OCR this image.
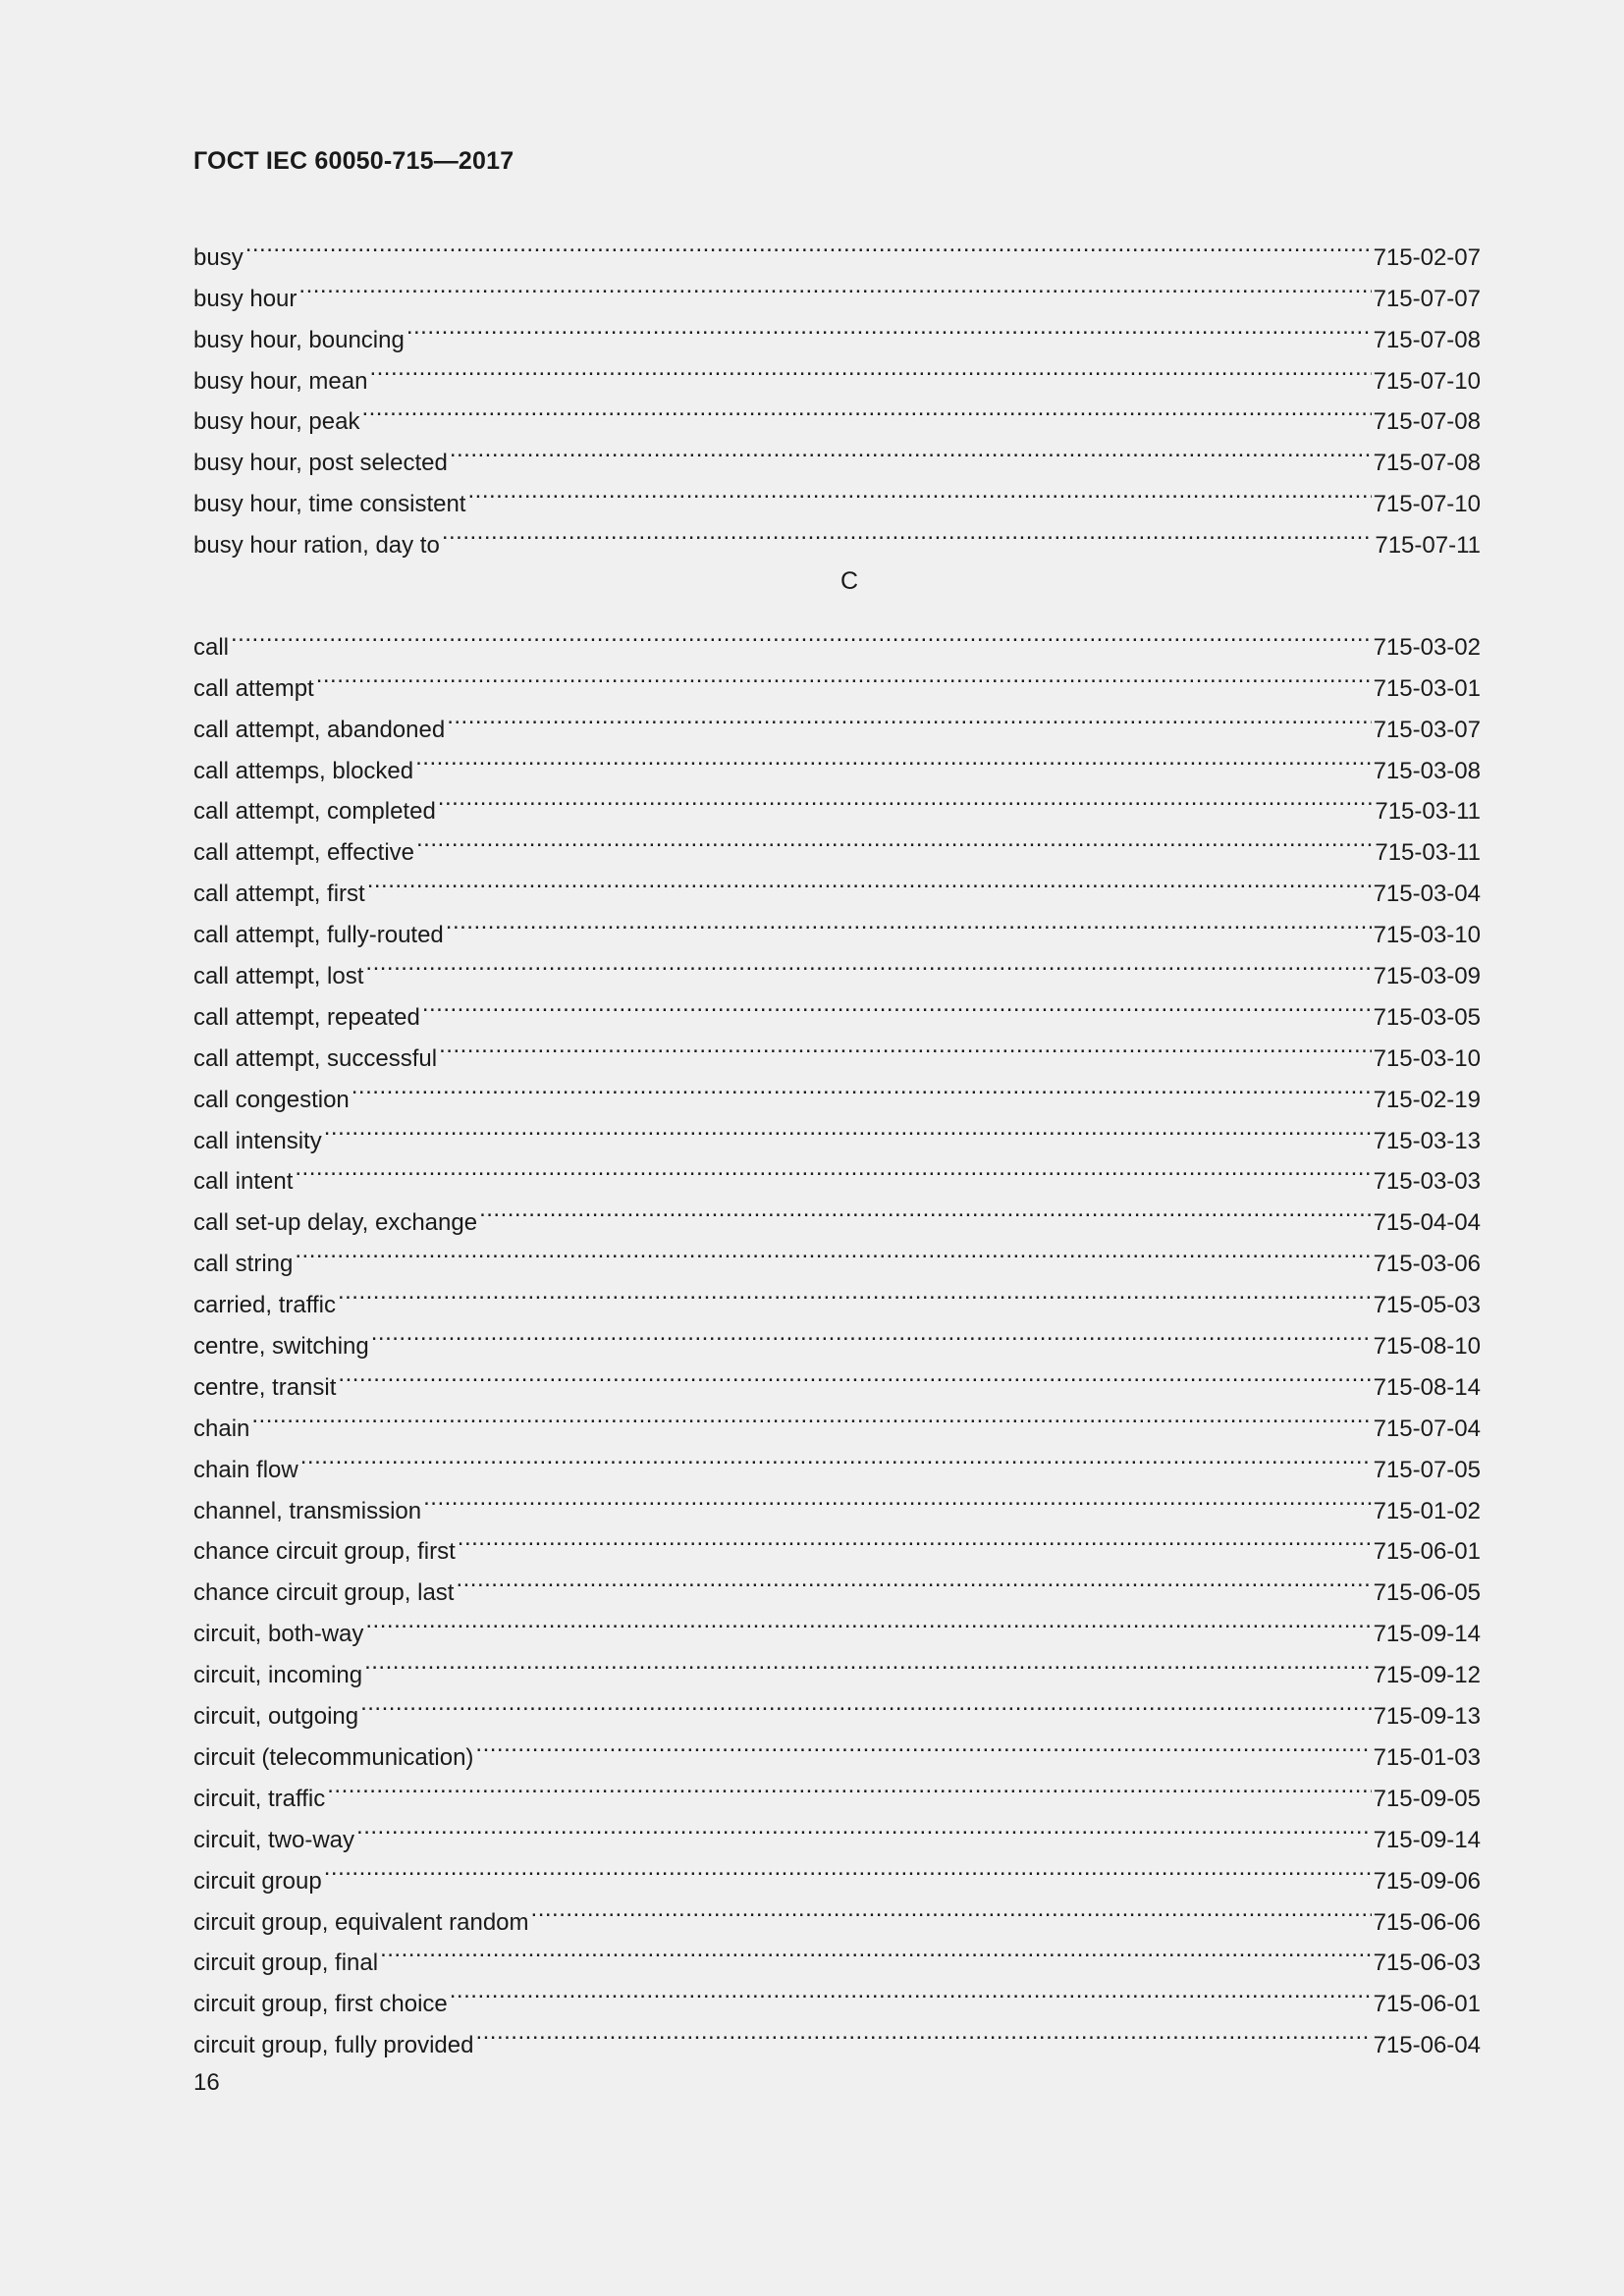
ГОСТ IEC 60050-715—2017
busy .....	715-02-07
busy hour .....	715-07-07
busy hour, bouncing .....	715-07-08
busy hour, mean .....	715-07-10
busy hour, peak .....	715-07-08
busy hour, post selected .....	715-07-08
busy hour, time consistent .....	715-07-10
busy hour ration, day to .....	715-07-11
C
call .....	715-03-02
call attempt .....	715-03-01
call attempt, abandoned .....	715-03-07
call attemps, blocked .....	715-03-08
call attempt, completed .....	715-03-11
call attempt, effective .....	715-03-11
call attempt, first .....	715-03-04
call attempt, fully-routed .....	715-03-10
call attempt, lost .....	715-03-09
call attempt, repeated .....	715-03-05
call attempt, successful .....	715-03-10
call congestion .....	715-02-19
call intensity .....	715-03-13
call intent .....	715-03-03
call set-up delay, exchange .....	715-04-04
call string .....	715-03-06
carried, traffic .....	715-05-03
centre, switching .....	715-08-10
centre, transit .....	715-08-14
chain .....	715-07-04
chain flow .....	715-07-05
channel, transmission .....	715-01-02
chance circuit group, first .....	715-06-01
chance circuit group, last .....	715-06-05
circuit, both-way .....	715-09-14
circuit, incoming .....	715-09-12
circuit, outgoing .....	715-09-13
circuit (telecommunication) .....	715-01-03
circuit, traffic .....	715-09-05
circuit, two-way .....	715-09-14
circuit group .....	715-09-06
circuit group, equivalent random .....	715-06-06
circuit group, final .....	715-06-03
circuit group, first choice .....	715-06-01
circuit group, fully provided .....	715-06-04
16
